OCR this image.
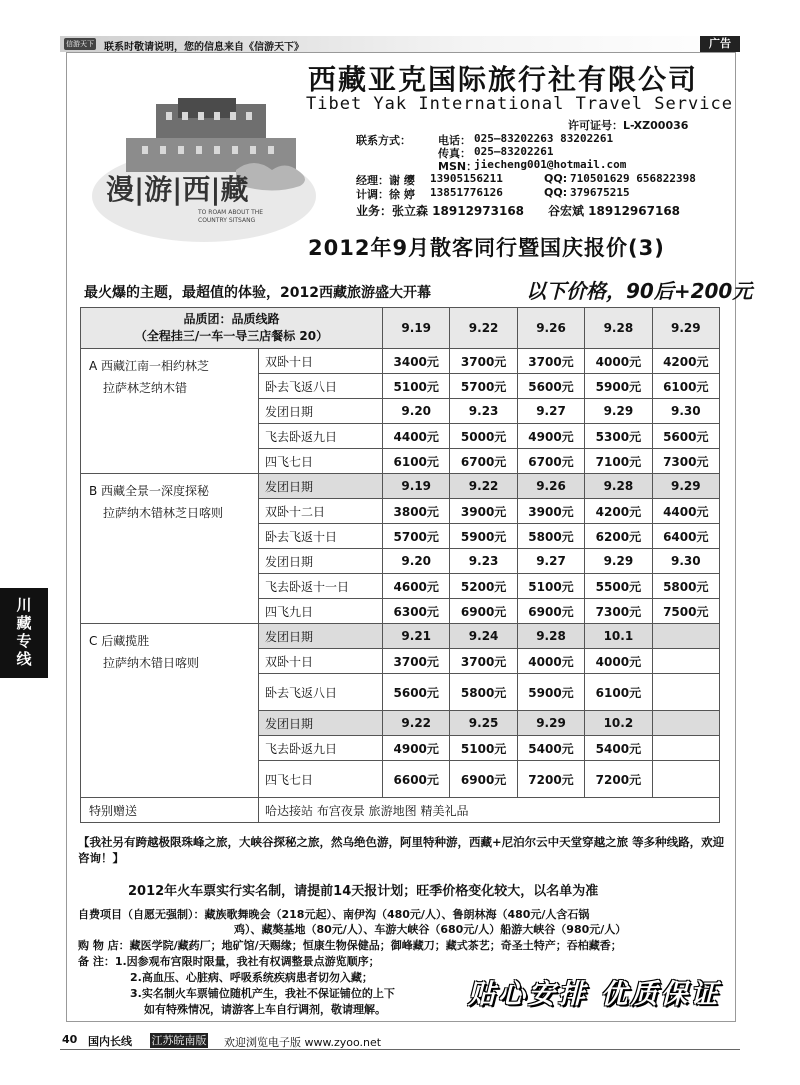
信游天下 联系时敬请说明，您的信息来自《信游天下》	广告
西藏亚克国际旅行社有限公司
Tibet Yak International Travel Service
许可证号：L-XZ00036
漫|游|西|藏
TO ROAM ABOUT THE COUNTRY SITSANG
联系方式： 电话： 025—83202263 83202261
传真： 025—83202261
MSN：
jiecheng001@hotmail.com
经理：谢 缨 13905156211	QQ: 710501629 656822398
计调：徐 婷 13851776126	QQ: 379675215
业务：张立森 18912973168 谷宏斌 18912967168
2012年9月散客同行暨国庆报价(3)
最火爆的主题，最超值的体验，2012西藏旅游盛大开幕	以下价格，90后+200元
品质团：品质线路
（全程挂三/一车一导三店餐标 20）		9.19	9.22	9.26	9.28	9.29

A 西藏江南一相约林芝
拉萨林芝纳木错	双卧十日	3400元	3700元	3700元	4000元	4200元
	卧去飞返八日	5100元	5700元	5600元	5900元	6100元
	发团日期	9.20	9.23	9.27	9.29	9.30
	飞去卧返九日	4400元	5000元	4900元	5300元	5600元
	四飞七日	6100元	6700元	6700元	7100元	7300元

B 西藏全景一深度探秘
拉萨纳木错林芝日喀则	发团日期	9.19	9.22	9.26	9.28	9.29
	双卧十二日	3800元	3900元	3900元	4200元	4400元
	卧去飞返十日	5700元	5900元	5800元	6200元	6400元
	发团日期	9.20	9.23	9.27	9.29	9.30
	飞去卧返十一日	4600元	5200元	5100元	5500元	5800元
	四飞九日	6300元	6900元	6900元	7300元	7500元

C 后藏揽胜
拉萨纳木错日喀则	发团日期	9.21	9.24	9.28	10.1	
	双卧十日	3700元	3700元	4000元	4000元	
	卧去飞返八日	5600元	5800元	5900元	6100元	
	发团日期	9.22	9.25	9.29	10.2	
	飞去卧返九日	4900元	5100元	5400元	5400元	
	四飞七日	6600元	6900元	7200元	7200元	
特别赠送	哈达接站 布宫夜景 旅游地图 精美礼品					
【我社另有跨越极限珠峰之旅，大峡谷探秘之旅，然乌绝色游，阿里特种游，西藏+尼泊尔云中天堂穿越之旅 等多种线路，欢迎咨询！】
2012年火车票实行实名制，请提前14天报计划；旺季价格变化较大，以名单为准
自费项目（自愿无强制）：藏族歌舞晚会（218元起）、南伊沟（480元/人）、鲁朗林海（480元/人含石锅
鸡）、藏獒基地（80元/人）、车游大峡谷（680元/人）船游大峡谷（980元/人）
购 物 店：藏医学院/藏药厂；地矿馆/天赐缘；恒康生物保健品；御峰藏刀；藏式茶艺；奇圣土特产；吞柏藏香；
备 注：1.因参观布宫限时限量，我社有权调整景点游览顺序；
2.高血压、心脏病、呼吸系统疾病患者切勿入藏；
3.实名制火车票铺位随机产生，我社不保证铺位的上下
如有特殊情况，请游客上车自行调剂，敬请理解。	贴心安排 优质保证
川藏专线
40 国内长线 江苏皖南版 欢迎浏览电子版 www.zyoo.net
